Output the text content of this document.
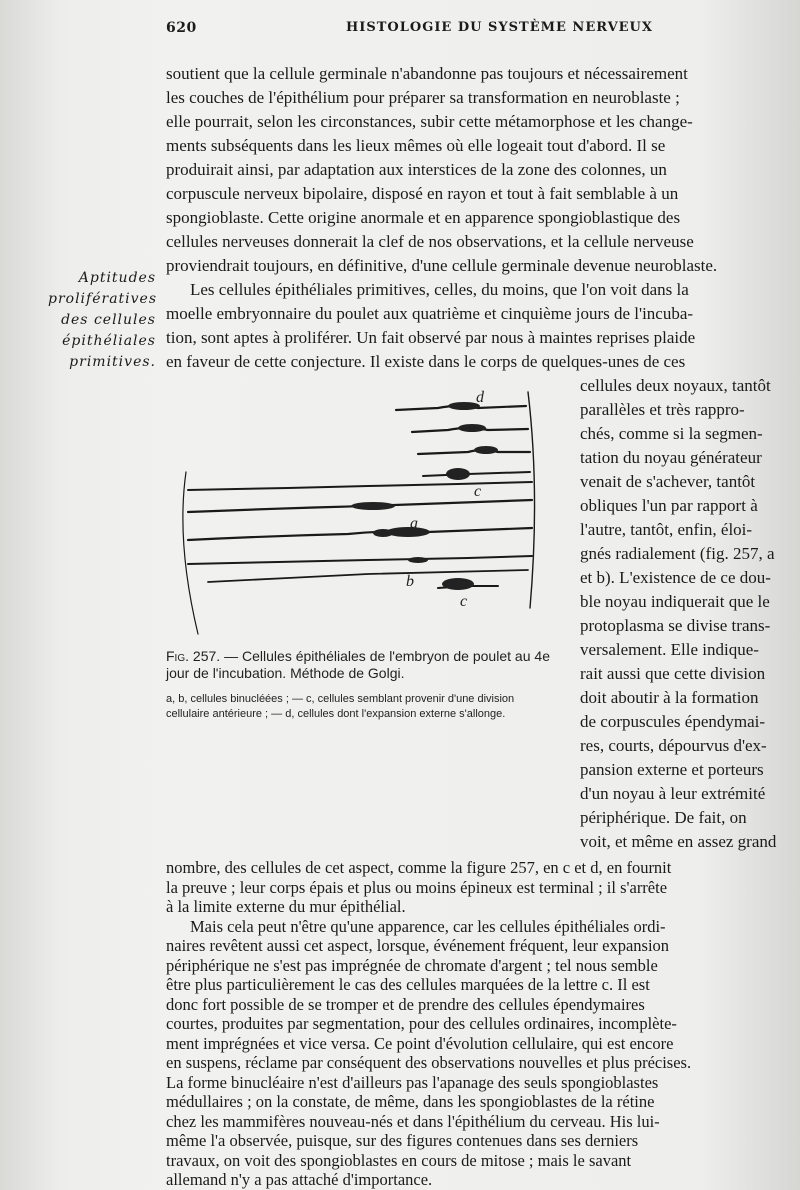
620	HISTOLOGIE DU SYSTÈME NERVEUX
Aptitudes
prolifératives
des cellules
épithéliales
primitives.
soutient que la cellule germinale n'abandonne pas toujours et nécessairement
les couches de l'épithélium pour préparer sa transformation en neuroblaste ;
elle pourrait, selon les circonstances, subir cette métamorphose et les change-
ments subséquents dans les lieux mêmes où elle logeait tout d'abord. Il se
produirait ainsi, par adaptation aux interstices de la zone des colonnes, un
corpuscule nerveux bipolaire, disposé en rayon et tout à fait semblable à un
spongioblaste. Cette origine anormale et en apparence spongioblastique des
cellules nerveuses donnerait la clef de nos observations, et la cellule nerveuse
proviendrait toujours, en définitive, d'une cellule germinale devenue neuroblaste.
Les cellules épithéliales primitives, celles, du moins, que l'on voit dans la
moelle embryonnaire du poulet aux quatrième et cinquième jours de l'incuba-
tion, sont aptes à proliférer. Un fait observé par nous à maintes reprises plaide
en faveur de cette conjecture. Il existe dans le corps de quelques-unes de ces
cellules deux noyaux, tantôt
parallèles et très rappro-
chés, comme si la segmen-
tation du noyau générateur
venait de s'achever, tantôt
obliques l'un par rapport à
l'autre, tantôt, enfin, éloi-
gnés radialement (fig. 257, a
et b). L'existence de ce dou-
ble noyau indiquerait que le
protoplasma se divise trans-
versalement. Elle indique-
rait aussi que cette division
doit aboutir à la formation
de corpuscules épendymai-
res, courts, dépourvus d'ex-
pansion externe et porteurs
d'un noyau à leur extrémité
périphérique. De fait, on
voit, et même en assez grand
d
c
a
b
c
Fig. 257. — Cellules épithéliales de l'embryon de poulet au 4e jour de l'incubation. Méthode de Golgi.
a, b, cellules binucléées ; — c, cellules semblant provenir d'une division cellulaire antérieure ; — d, cellules dont l'expansion externe s'allonge.
nombre, des cellules de cet aspect, comme la figure 257, en c et d, en fournit
la preuve ; leur corps épais et plus ou moins épineux est terminal ; il s'arrête
à la limite externe du mur épithélial.
Mais cela peut n'être qu'une apparence, car les cellules épithéliales ordi-
naires revêtent aussi cet aspect, lorsque, événement fréquent, leur expansion
périphérique ne s'est pas imprégnée de chromate d'argent ; tel nous semble
être plus particulièrement le cas des cellules marquées de la lettre c. Il est
donc fort possible de se tromper et de prendre des cellules épendymaires
courtes, produites par segmentation, pour des cellules ordinaires, incomplète-
ment imprégnées et vice versa. Ce point d'évolution cellulaire, qui est encore
en suspens, réclame par conséquent des observations nouvelles et plus précises.
La forme binucléaire n'est d'ailleurs pas l'apanage des seuls spongioblastes
médullaires ; on la constate, de même, dans les spongioblastes de la rétine
chez les mammifères nouveau-nés et dans l'épithélium du cerveau. His lui-
même l'a observée, puisque, sur des figures contenues dans ses derniers
travaux, on voit des spongioblastes en cours de mitose ; mais le savant
allemand n'y a pas attaché d'importance.
